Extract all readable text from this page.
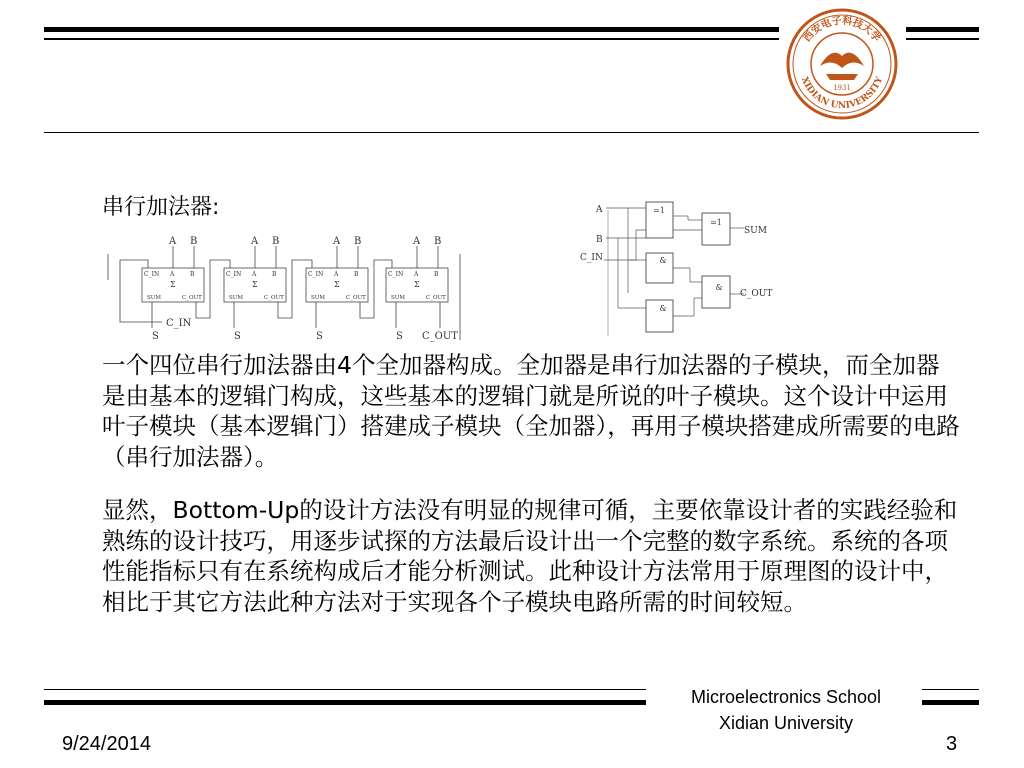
西安电子科技大学
XIDIAN UNIVERSITY
1931
串行加法器:
C_IN A	B
Σ
SUM	C_OUT
A B
S
C_IN A	B
Σ
SUM	C_OUT
A B
S
C_IN A	B
Σ
SUM	C_OUT
A B
S
C_IN A	B
Σ
SUM	C_OUT
A B
S
C_IN
C_OUT
A
B
C_IN
=1
=1
&
&
&
SUM
C_OUT
一个四位串行加法器由4个全加器构成。全加器是串行加法器的子模块，而全加器是由基本的逻辑门构成，这些基本的逻辑门就是所说的叶子模块。这个设计中运用叶子模块（基本逻辑门）搭建成子模块（全加器），再用子模块搭建成所需要的电路（串行加法器）。
显然，Bottom-Up的设计方法没有明显的规律可循，主要依靠设计者的实践经验和熟练的设计技巧，用逐步试探的方法最后设计出一个完整的数字系统。系统的各项性能指标只有在系统构成后才能分析测试。此种设计方法常用于原理图的设计中，相比于其它方法此种方法对于实现各个子模块电路所需的时间较短。
Microelectronics School
Xidian University
9/24/2014	3
